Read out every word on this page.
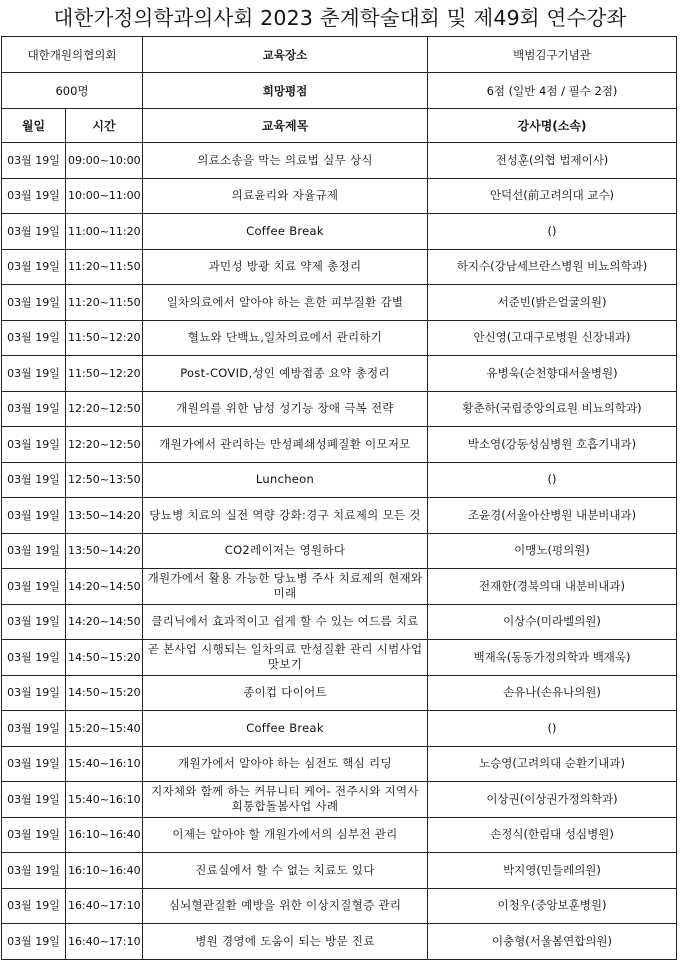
대한가정의학과의사회 2023 춘계학술대회 및 제49회 연수강좌
대한개원의협의회		교육장소	백범김구기념관
600명		희망평점	6점 (일반 4점 / 필수 2점)
월일	시간	교육제목	강사명(소속)
03월 19일	09:00~10:00	의료소송을 막는 의료법 실무 상식	전성훈(의협 법제이사)
03월 19일	10:00~11:00	의료윤리와 자율규제	안덕선(前고려의대 교수)
03월 19일	11:00~11:20	Coffee Break	()
03월 19일	11:20~11:50	과민성 방광 치료 약제 총정리	하지수(강남세브란스병원 비뇨의학과)
03월 19일	11:20~11:50	일차의료에서 알아야 하는 흔한 피부질환 감별	서준빈(밝은얼굴의원)
03월 19일	11:50~12:20	혈뇨와 단백뇨,일차의료에서 관리하기	안신영(고대구로병원 신장내과)
03월 19일	11:50~12:20	Post-COVID,성인 예방접종 요약 총정리	유병욱(순천향대서울병원)
03월 19일	12:20~12:50	개원의를 위한 남성 성기능 장애 극복 전략	황춘하(국립중앙의료원 비뇨의학과)
03월 19일	12:20~12:50	개원가에서 관리하는 만성폐쇄성폐질환 이모저모	박소영(강동성심병원 호흡기내과)
03월 19일	12:50~13:50	Luncheon	()
03월 19일	13:50~14:20	당뇨병 치료의 실전 역량 강화:경구 치료제의 모든 것	조윤경(서울아산병원 내분비내과)
03월 19일	13:50~14:20	CO2레이저는 영원하다	이맹노(펑의원)
03월 19일	14:20~14:50	개원가에서 활용 가능한 당뇨병 주사 치료제의 현재와 미래	전재한(경북의대 내분비내과)
03월 19일	14:20~14:50	클리닉에서 효과적이고 쉽게 할 수 있는 여드름 치료	이상수(미라벨의원)
03월 19일	14:50~15:20	곧 본사업 시행되는 일차의료 만성질환 관리 시범사업 맛보기	백재욱(동동가정의학과 백재욱)
03월 19일	14:50~15:20	종이컵 다이어트	손유나(손유나의원)
03월 19일	15:20~15:40	Coffee Break	()
03월 19일	15:40~16:10	개원가에서 알아야 하는 심전도 핵심 리딩	노승영(고려의대 순환기내과)
03월 19일	15:40~16:10	지자체와 함께 하는 커뮤니티 케어- 전주시와 지역사회통합돌봄사업 사례	이상권(이상권가정의학과)
03월 19일	16:10~16:40	이제는 알아야 할 개원가에서의 심부전 관리	손정식(한림대 성심병원)
03월 19일	16:10~16:40	진료실에서 할 수 없는 치료도 있다	박지영(민들레의원)
03월 19일	16:40~17:10	심뇌혈관질환 예방을 위한 이상지질혈증 관리	이청우(중앙보훈병원)
03월 19일	16:40~17:10	병원 경영에 도움이 되는 방문 진료	이충형(서울봄연합의원)
